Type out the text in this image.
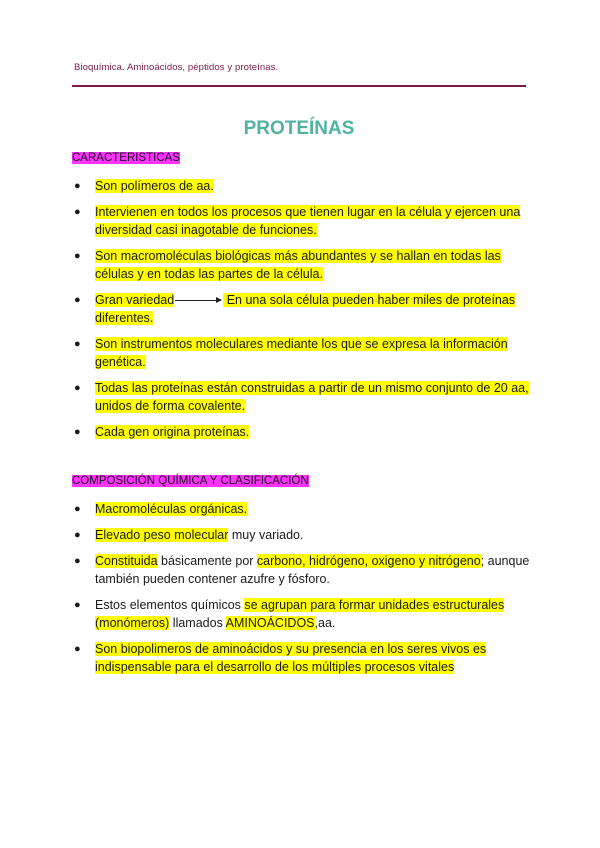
Bioquímica. Aminoácidos, péptidos y proteínas.
PROTEÍNAS
CARACTERISTICAS
● Son polímeros de aa.
● Intervienen en todos los procesos que tienen lugar en la célula y ejercen una diversidad casi inagotable de funciones.
● Son macromoléculas biológicas más abundantes y se hallan en todas las células y en todas las partes de la célula.
● Gran variedad	En una sola célula pueden haber miles de proteínas diferentes.
● Son instrumentos moleculares mediante los que se expresa la información genética.
● Todas las proteínas están construidas a partir de un mismo conjunto de 20 aa, unidos de forma covalente.
● Cada gen origina proteínas.
COMPOSICIÓN QUÍMICA Y CLASIFICACIÓN
● Macromoléculas orgánicas.
● Elevado peso molecular muy variado.
● Constituida básicamente por carbono, hidrógeno, oxigeno y nitrógeno; aunque también pueden contener azufre y fósforo.
● Estos elementos químicos se agrupan para formar unidades estructurales (monómeros) llamados AMINOÁCIDOS,aa.
● Son biopolimeros de aminoácidos y su presencia en los seres vivos es indispensable para el desarrollo de los múltiples procesos vitales
